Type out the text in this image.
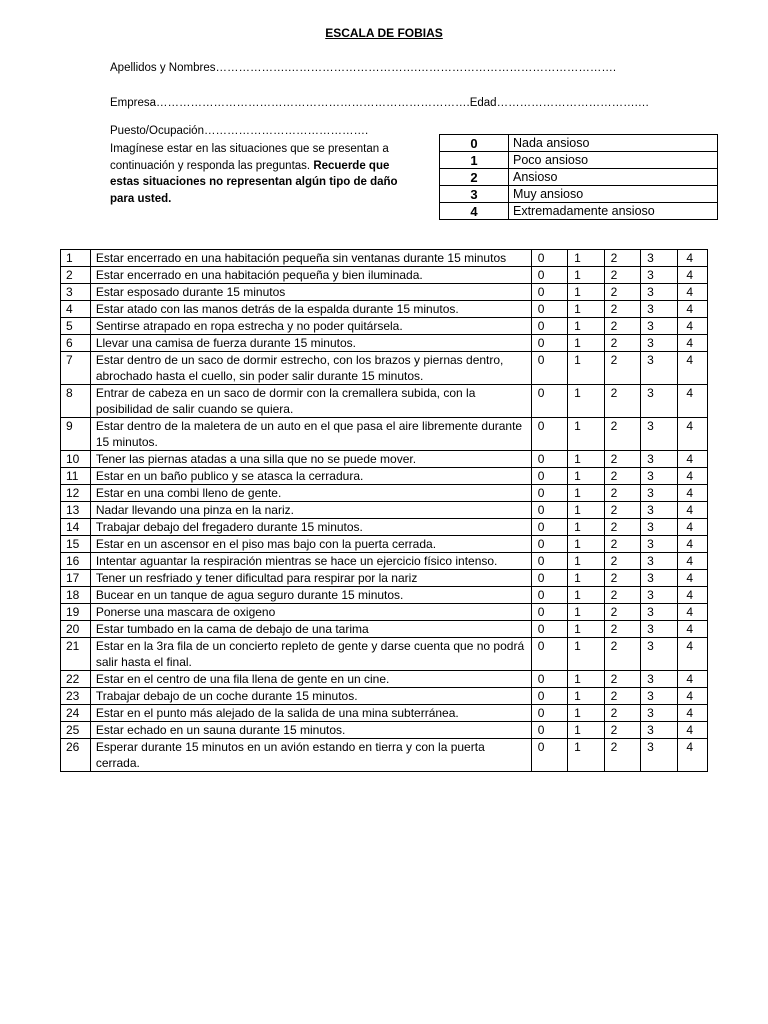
ESCALA DE FOBIAS
Apellidos y Nombres……………….…………………………….…………………………………………….
Empresa……………………………………………………………………….Edad……………………………….…
Puesto/Ocupación…………………………………….
Imagínese estar en las situaciones que se presentan a continuación y responda las preguntas. Recuerde que estas situaciones no representan algún tipo de daño para usted.
0	Nada ansioso
1	Poco ansioso
2	Ansioso
3	Muy ansioso
4	Extremadamente ansioso
1	Estar encerrado en una habitación pequeña sin ventanas durante 15 minutos	0	1	2	3	4
2	Estar encerrado en una habitación pequeña y bien iluminada.	0	1	2	3	4
3	Estar esposado durante 15 minutos	0	1	2	3	4
4	Estar atado con las manos detrás de la espalda durante 15 minutos.	0	1	2	3	4
5	Sentirse atrapado en ropa estrecha y no poder quitársela.	0	1	2	3	4
6	Llevar una camisa de fuerza durante 15 minutos.	0	1	2	3	4
7	Estar dentro de un saco de dormir estrecho, con los brazos y piernas dentro, abrochado hasta el cuello, sin poder salir durante 15 minutos.	0	1	2	3	4
8	Entrar de cabeza en un saco de dormir con la cremallera subida, con la posibilidad de salir cuando se quiera.	0	1	2	3	4
9	Estar dentro de la maletera de un auto en el que pasa el aire libremente durante 15 minutos.	0	1	2	3	4
10	Tener las piernas atadas a una silla que no se puede mover.	0	1	2	3	4
11	Estar en un baño publico y se atasca la cerradura.	0	1	2	3	4
12	Estar en una combi lleno de gente.	0	1	2	3	4
13	Nadar llevando una pinza en la nariz.	0	1	2	3	4
14	Trabajar debajo del fregadero durante 15 minutos.	0	1	2	3	4
15	Estar en un ascensor en el piso mas bajo con la puerta cerrada.	0	1	2	3	4
16	Intentar aguantar la respiración mientras se hace un ejercicio físico intenso.	0	1	2	3	4
17	Tener un resfriado y tener dificultad para respirar por la nariz	0	1	2	3	4
18	Bucear en un tanque de agua seguro durante 15 minutos.	0	1	2	3	4
19	Ponerse una mascara de oxigeno	0	1	2	3	4
20	Estar tumbado en la cama de debajo de una tarima	0	1	2	3	4
21	Estar en la 3ra fila de un concierto repleto de gente y darse cuenta que no podrá salir hasta el final.	0	1	2	3	4
22	Estar en el centro de una fila llena de gente en un cine.	0	1	2	3	4
23	Trabajar debajo de un coche durante 15 minutos.	0	1	2	3	4
24	Estar en el punto más alejado de la salida de una mina subterránea.	0	1	2	3	4
25	Estar echado en un sauna durante 15 minutos.	0	1	2	3	4
26	Esperar durante 15 minutos en un avión estando en tierra y con la puerta cerrada.	0	1	2	3	4
